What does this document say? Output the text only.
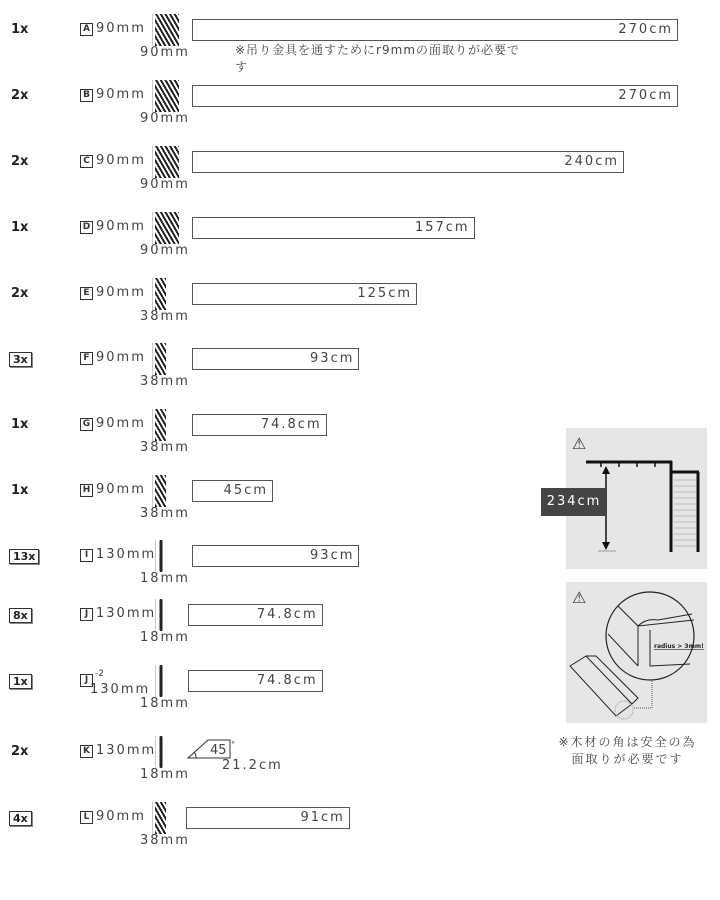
1x	A 90mm
90mm
270cm
※吊り金具を通すためにr9mmの面取りが必要です
2x	B 90mm
90mm
270cm
2x	C 90mm
90mm
240cm
1x	D 90mm
90mm
157cm
2x	E 90mm
38mm
125cm
3x	F 90mm
38mm
93cm
1x	G 90mm
38mm
74.8cm
1x	H 90mm
38mm
45cm
13x	I 130mm
18mm
93cm
8x	J 130mm
18mm
74.8cm
1x	J
-2
130mm
18mm
74.8cm
2x	K 130mm
18mm
45 °
21.2cm
4x	L 90mm
38mm
91cm
⚠
234cm
⚠
radius > 3mm!
※木材の角は安全の為
面取りが必要です
